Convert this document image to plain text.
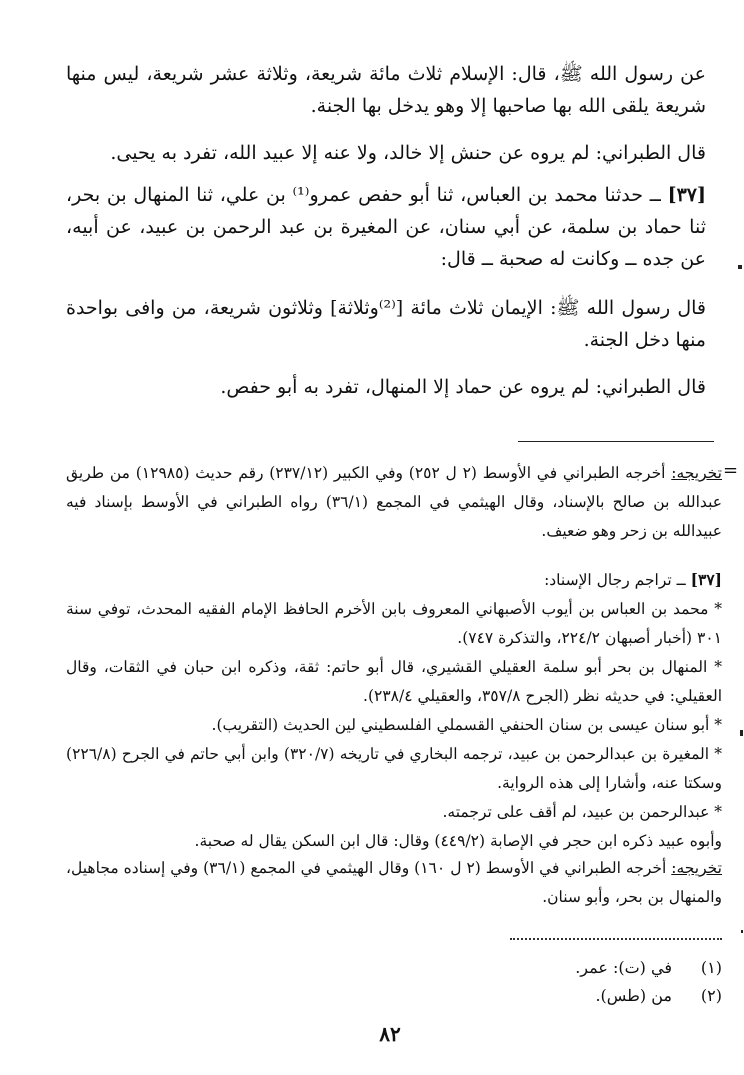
عن رسول الله ﷺ، قال: الإسلام ثلاث مائة شريعة، وثلاثة عشر شريعة، ليس منها شريعة يلقى الله بها صاحبها إلا وهو يدخل بها الجنة.

قال الطبراني: لم يروه عن حنش إلا خالد، ولا عنه إلا عبيد الله، تفرد به يحيى.

[٣٧] ــ حدثنا محمد بن العباس، ثنا أبو حفص عمرو⁽¹⁾ بن علي، ثنا المنهال بن بحر، ثنا حماد بن سلمة، عن أبي سنان، عن المغيرة بن عبد الرحمن بن عبيد، عن أبيه، عن جده ــ وكانت له صحبة ــ قال:

قال رسول الله ﷺ: الإيمان ثلاث مائة [⁽²⁾وثلاثة] وثلاثون شريعة، من وافى بواحدة منها دخل الجنة.

قال الطبراني: لم يروه عن حماد إلا المنهال، تفرد به أبو حفص.

=

تخريجه: أخرجه الطبراني في الأوسط (٢ ل ٢٥٢) وفي الكبير (٢٣٧/١٢) رقم حديث (١٢٩٨٥) من طريق عبدالله بن صالح بالإسناد، وقال الهيثمي في المجمع (٣٦/١) رواه الطبراني في الأوسط بإسناد فيه عبيدالله بن زحر وهو ضعيف.

[٣٧] ــ تراجم رجال الإسناد:

* محمد بن العباس بن أيوب الأصبهاني المعروف بابن الأخرم الحافظ الإمام الفقيه المحدث، توفي سنة ٣٠١ (أخبار أصبهان ٢٢٤/٢، والتذكرة ٧٤٧).

* المنهال بن بحر أبو سلمة العقيلي القشيري، قال أبو حاتم: ثقة، وذكره ابن حبان في الثقات، وقال العقيلي: في حديثه نظر (الجرح ٣٥٧/٨، والعقيلي ٢٣٨/٤).

* أبو سنان عيسى بن سنان الحنفي القسملي الفلسطيني لين الحديث (التقريب).

* المغيرة بن عبدالرحمن بن عبيد، ترجمه البخاري في تاريخه (٣٢٠/٧) وابن أبي حاتم في الجرح (٢٢٦/٨) وسكتا عنه، وأشارا إلى هذه الرواية.

* عبدالرحمن بن عبيد، لم أقف على ترجمته.

وأبوه عبيد ذكره ابن حجر في الإصابة (٤٤٩/٢) وقال: قال ابن السكن يقال له صحبة.

تخريجه: أخرجه الطبراني في الأوسط (٢ ل ١٦٠) وقال الهيثمي في المجمع (٣٦/١) وفي إسناده مجاهيل، والمنهال بن بحر، وأبو سنان.

(١)في (ت): عمر.
(٢)من (طس).
٨٢
